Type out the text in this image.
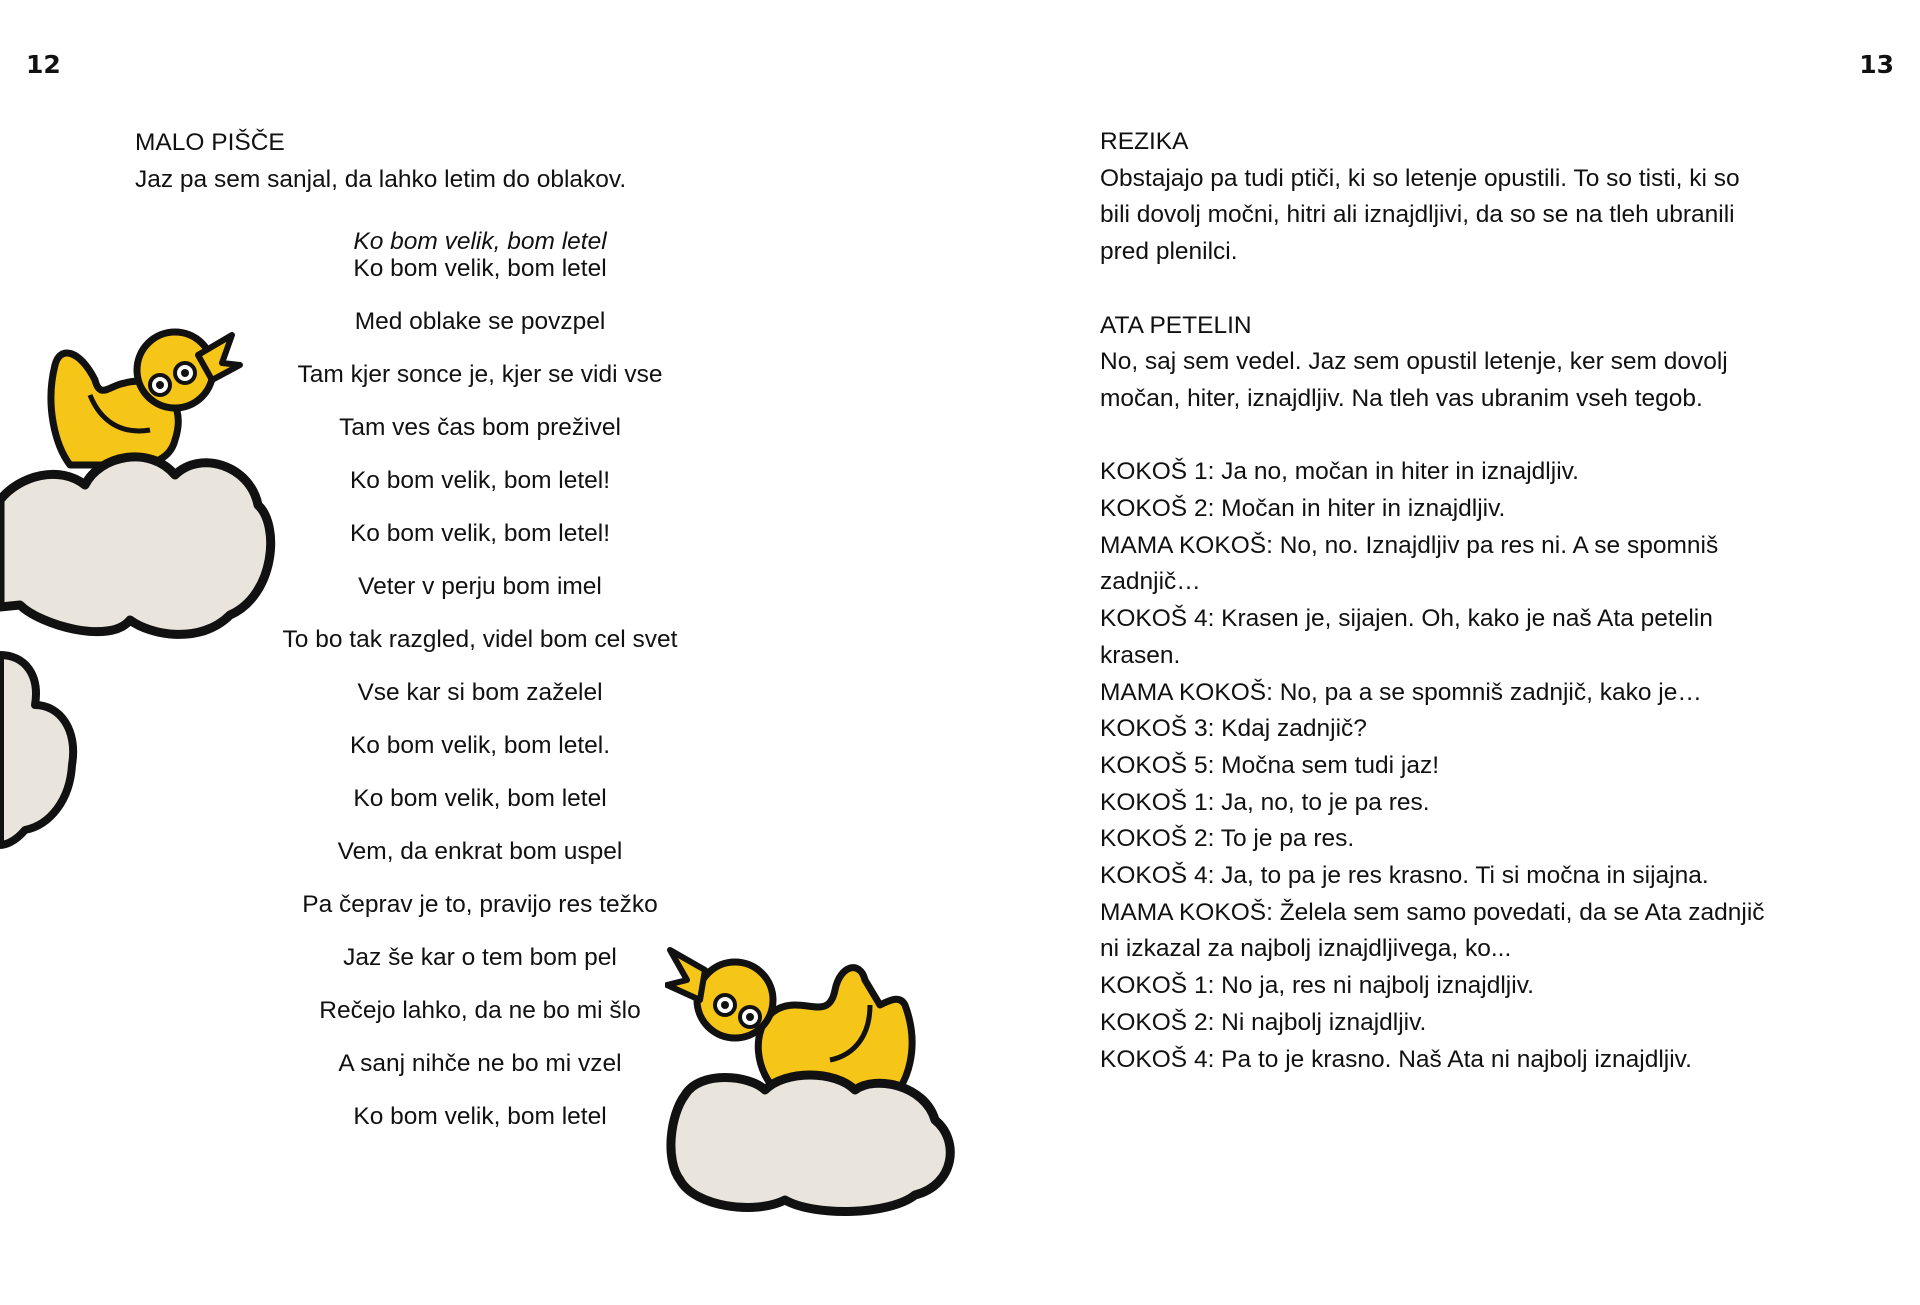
12	13
MALO PIŠČE
Jaz pa sem sanjal, da lahko letim do oblakov.
Ko bom velik, bom letel
Ko bom velik, bom letel
Med oblake se povzpel
Tam kjer sonce je, kjer se vidi vse
Tam ves čas bom preživel
Ko bom velik, bom letel!
Ko bom velik, bom letel!
Veter v perju bom imel
To bo tak razgled, videl bom cel svet
Vse kar si bom zaželel
Ko bom velik, bom letel.
Ko bom velik, bom letel
Vem, da enkrat bom uspel
Pa čeprav je to, pravijo res težko
Jaz še kar o tem bom pel
Rečejo lahko, da ne bo mi šlo
A sanj nihče ne bo mi vzel
Ko bom velik, bom letel
REZIKA
Obstajajo pa tudi ptiči, ki so letenje opustili. To so tisti, ki so
bili dovolj močni, hitri ali iznajdljivi, da so se na tleh ubranili
pred plenilci.
ATA PETELIN
No, saj sem vedel. Jaz sem opustil letenje, ker sem dovolj
močan, hiter, iznajdljiv. Na tleh vas ubranim vseh tegob.
KOKOŠ 1: Ja no, močan in hiter in iznajdljiv.
KOKOŠ 2: Močan in hiter in iznajdljiv.
MAMA KOKOŠ: No, no. Iznajdljiv pa res ni. A se spomniš
zadnjič…
KOKOŠ 4: Krasen je, sijajen. Oh, kako je naš Ata petelin
krasen.
MAMA KOKOŠ: No, pa a se spomniš zadnjič, kako je…
KOKOŠ 3: Kdaj zadnjič?
KOKOŠ 5: Močna sem tudi jaz!
KOKOŠ 1: Ja, no, to je pa res.
KOKOŠ 2: To je pa res.
KOKOŠ 4: Ja, to pa je res krasno. Ti si močna in sijajna.
MAMA KOKOŠ: Želela sem samo povedati, da se Ata zadnjič
ni izkazal za najbolj iznajdljivega, ko...
KOKOŠ 1: No ja, res ni najbolj iznajdljiv.
KOKOŠ 2: Ni najbolj iznajdljiv.
KOKOŠ 4: Pa to je krasno. Naš Ata ni najbolj iznajdljiv.
